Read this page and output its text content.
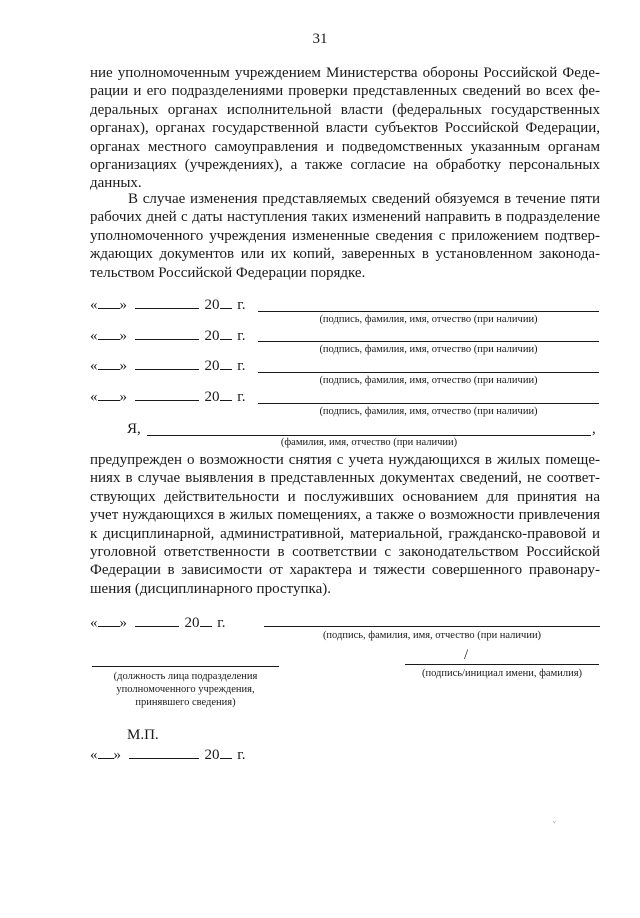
31
ние уполномоченным учреждением Министерства обороны Российской Феде-
рации и его подразделениями проверки представленных сведений во всех фе-
деральных органах исполнительной власти (федеральных государственных
органах), органах государственной власти субъектов Российской Федерации,
органах местного самоуправления и подведомственных указанным органам
организациях (учреждениях), а также согласие на обработку персональных
данных.
В случае изменения представляемых сведений обязуемся в течение пяти
рабочих дней с даты наступления таких изменений направить в подразделение
уполномоченного учреждения измененные сведения с приложением подтвер-
ждающих документов или их копий, заверенных в установленном законода-
тельством Российской Федерации порядке.
« »	20 г.
(подпись, фамилия, имя, отчество (при наличии)
« »	20 г.
(подпись, фамилия, имя, отчество (при наличии)
« »	20 г.
(подпись, фамилия, имя, отчество (при наличии)
« »	20 г.
(подпись, фамилия, имя, отчество (при наличии)
Я,	,
(фамилия, имя, отчество (при наличии)
предупрежден о возможности снятия с учета нуждающихся в жилых помеще-
ниях в случае выявления в представленных документах сведений, не соответ-
ствующих действительности и послуживших основанием для принятия на
учет нуждающихся в жилых помещениях, а также о возможности привлечения
к дисциплинарной, административной, материальной, гражданско-правовой и
уголовной ответственности в соответствии с законодательством Российской
Федерации в зависимости от характера и тяжести совершенного правонару-
шения (дисциплинарного проступка).
« »	20 г.
(подпись, фамилия, имя, отчество (при наличии)
(должность лица подразделения
уполномоченного учреждения,
принявшего сведения)
/
(подпись/инициал имени, фамилия)
М.П.
« »	20 г.
ᵛ
